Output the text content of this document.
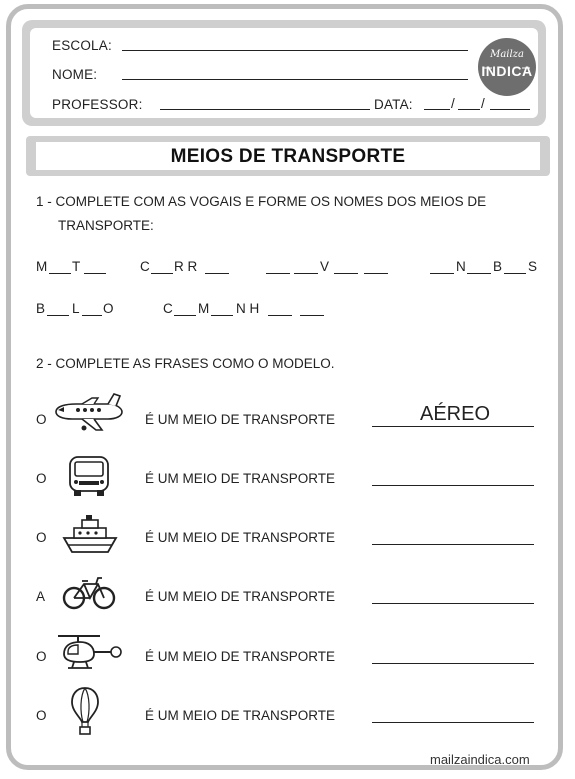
ESCOLA:
NOME:
PROFESSOR:	DATA:	/ /
Mailza
INDICA
MEIOS DE TRANSPORTE
1 - COMPLETE COM AS VOGAIS E FORME OS NOMES DOS MEIOS DE
TRANSPORTE:
M T	C R R	V	N B S
B L O	C M N H
2 - COMPLETE AS FRASES COMO O MODELO.
O	É UM MEIO DE TRANSPORTE	AÉREO
O	É UM MEIO DE TRANSPORTE
O	É UM MEIO DE TRANSPORTE
A	É UM MEIO DE TRANSPORTE
O	É UM MEIO DE TRANSPORTE
O	É UM MEIO DE TRANSPORTE
mailzaindica.com
